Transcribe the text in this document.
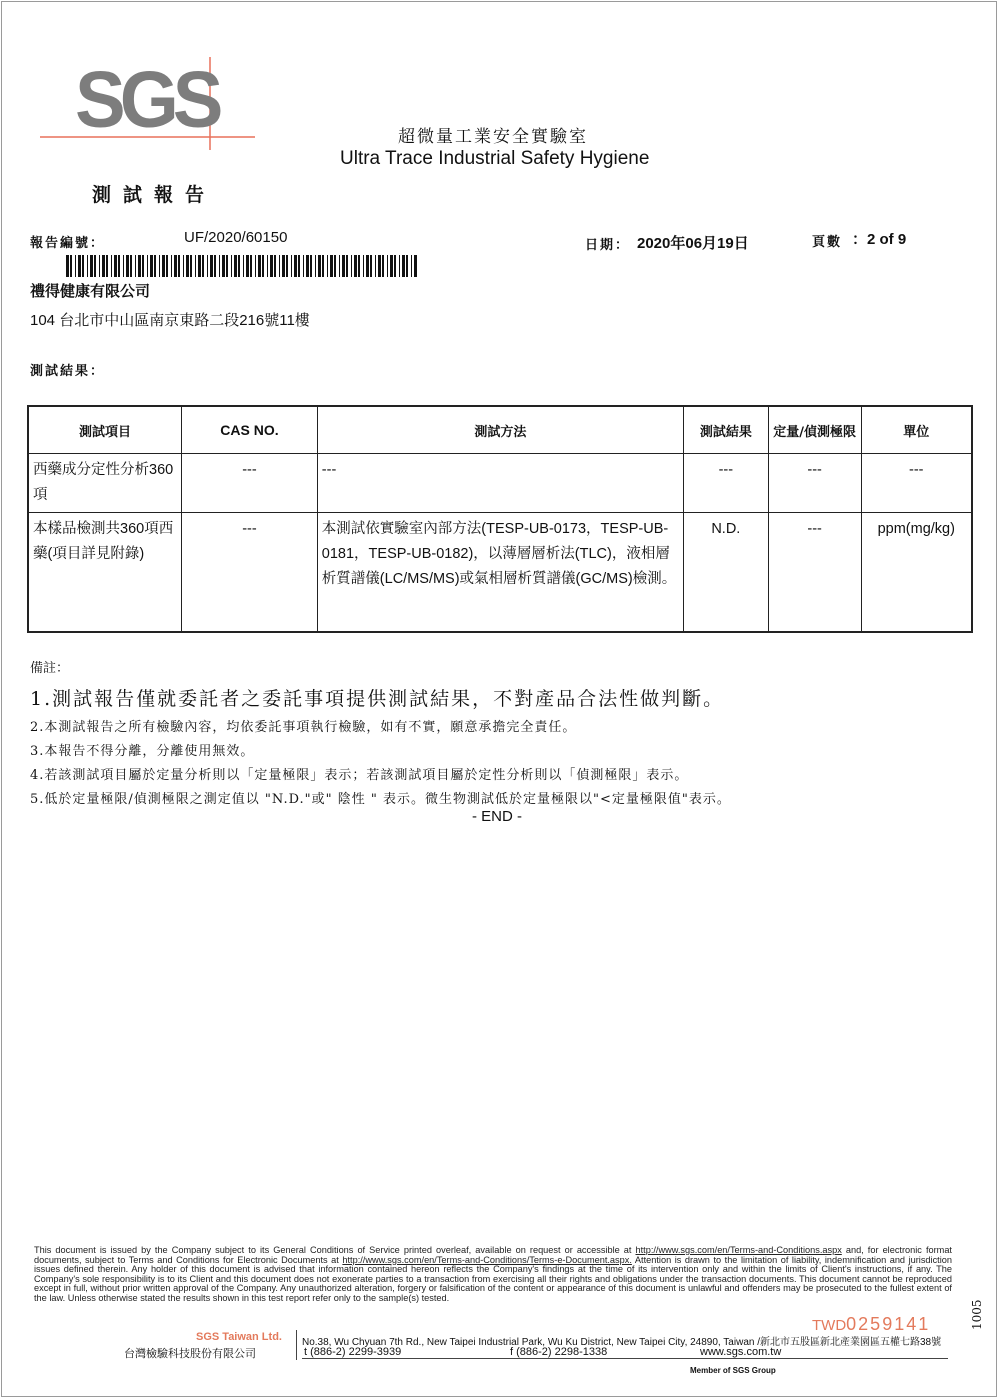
SGS	超微量工業安全實驗室
Ultra Trace Industrial Safety Hygiene
測試報告
報告編號：	UF/2020/60150	日期： 2020年06月19日	頁數 ：2 of 9
禮得健康有限公司
104 台北市中山區南京東路二段216號11樓
測試結果：
測試項目	CAS NO.	測試方法	測試結果	定量/偵測極限	單位
西藥成分定性分析360項	---	---	---	---	---
本樣品檢測共360項西藥(項目詳見附錄)	---	本測試依實驗室內部方法(TESP-UB-0173，TESP-UB-0181，TESP-UB-0182)，以薄層層析法(TLC)，液相層析質譜儀(LC/MS/MS)或氣相層析質譜儀(GC/MS)檢測。	N.D.	---	ppm(mg/kg)
備註：
1.測試報告僅就委託者之委託事項提供測試結果，不對產品合法性做判斷。
2.本測試報告之所有檢驗內容，均依委託事項執行檢驗，如有不實，願意承擔完全責任。
3.本報告不得分離，分離使用無效。
4.若該測試項目屬於定量分析則以「定量極限」表示；若該測試項目屬於定性分析則以「偵測極限」表示。
5.低於定量極限/偵測極限之測定值以 "N.D."或" 陰性 " 表示。微生物測試低於定量極限以"<定量極限值"表示。
- END -
This document is issued by the Company subject to its General Conditions of Service printed overleaf, available on request or accessible at http://www.sgs.com/en/Terms-and-Conditions.aspx and, for electronic format documents, subject to Terms and Conditions for Electronic Documents at http://www.sgs.com/en/Terms-and-Conditions/Terms-e-Document.aspx. Attention is drawn to the limitation of liability, indemnification and jurisdiction issues defined therein. Any holder of this document is advised that information contained hereon reflects the Company's findings at the time of its intervention only and within the limits of Client's instructions, if any. The Company's sole responsibility is to its Client and this document does not exonerate parties to a transaction from exercising all their rights and obligations under the transaction documents. This document cannot be reproduced except in full, without prior written approval of the Company. Any unauthorized alteration, forgery or falsification of the content or appearance of this document is unlawful and offenders may be prosecuted to the fullest extent of the law. Unless otherwise stated the results shown in this test report refer only to the sample(s) tested.
TWD0259141	1005
SGS Taiwan Ltd.
台灣檢驗科技股份有限公司
No.38, Wu Chyuan 7th Rd., New Taipei Industrial Park, Wu Ku District, New Taipei City, 24890, Taiwan /新北市五股區新北產業園區五權七路38號
t (886-2) 2299-3939	f (886-2) 2298-1338	www.sgs.com.tw
Member of SGS Group
